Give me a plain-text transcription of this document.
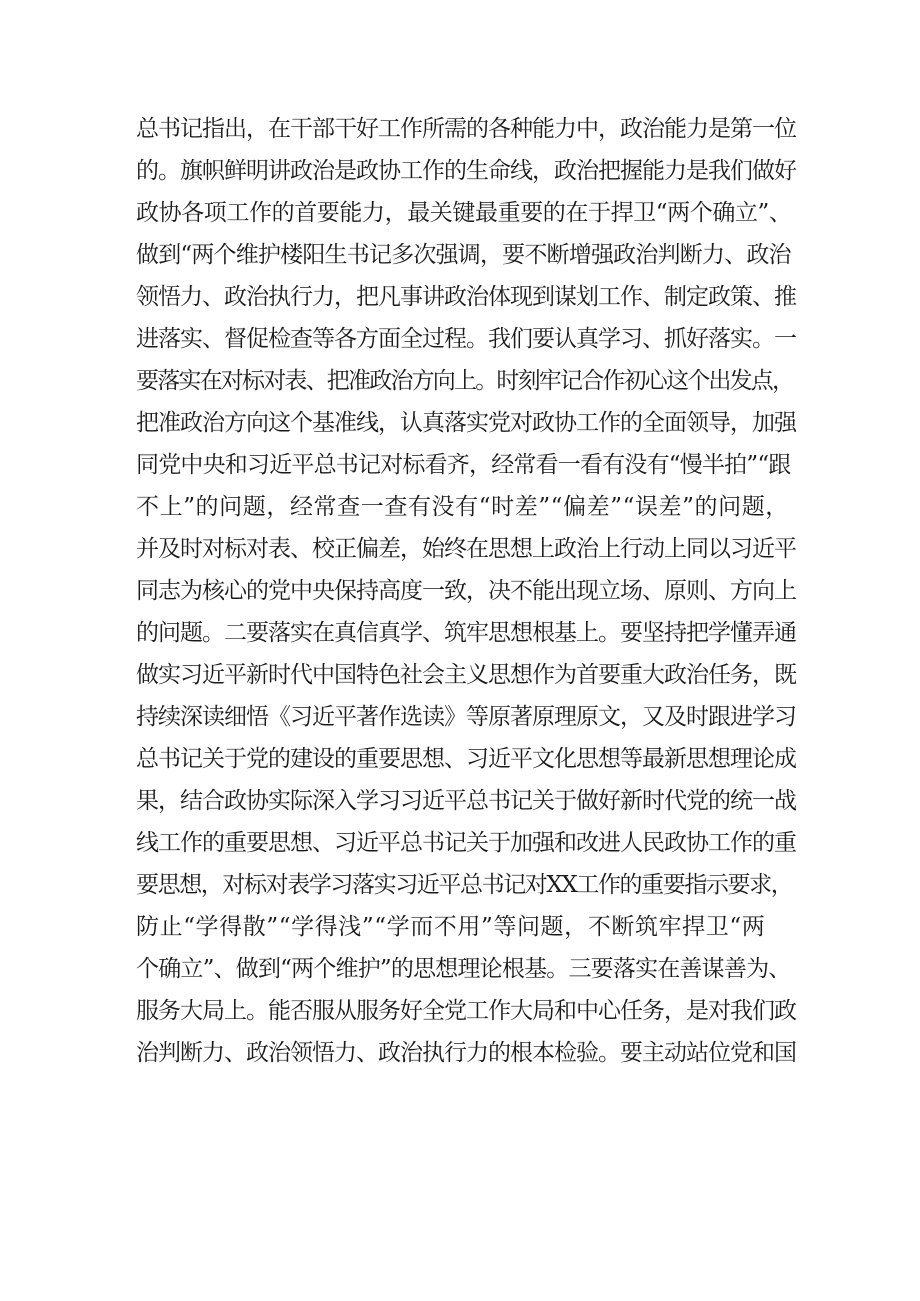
总书记指出，在干部干好工作所需的各种能力中，政治能力是第一位
的。旗帜鲜明讲政治是政协工作的生命线，政治把握能力是我们做好
政协各项工作的首要能力，最关键最重要的在于捍卫“两个确立”、
做到“两个维护楼阳生书记多次强调，要不断增强政治判断力、政治
领悟力、政治执行力，把凡事讲政治体现到谋划工作、制定政策、推
进落实、督促检查等各方面全过程。我们要认真学习、抓好落实。一
要落实在对标对表、把准政治方向上。时刻牢记合作初心这个出发点，
把准政治方向这个基准线，认真落实党对政协工作的全面领导，加强
同党中央和习近平总书记对标看齐，经常看一看有没有“慢半拍”“跟
不上”的问题，经常查一查有没有“时差”“偏差”“误差”的问题，
并及时对标对表、校正偏差，始终在思想上政治上行动上同以习近平
同志为核心的党中央保持高度一致，决不能出现立场、原则、方向上
的问题。二要落实在真信真学、筑牢思想根基上。要坚持把学懂弄通
做实习近平新时代中国特色社会主义思想作为首要重大政治任务，既
持续深读细悟《习近平著作选读》等原著原理原文，又及时跟进学习
总书记关于党的建设的重要思想、习近平文化思想等最新思想理论成
果，结合政协实际深入学习习近平总书记关于做好新时代党的统一战
线工作的重要思想、习近平总书记关于加强和改进人民政协工作的重
要思想，对标对表学习落实习近平总书记对XX工作的重要指示要求，
防止“学得散”“学得浅”“学而不用”等问题，不断筑牢捍卫“两
个确立”、做到“两个维护”的思想理论根基。三要落实在善谋善为、
服务大局上。能否服从服务好全党工作大局和中心任务，是对我们政
治判断力、政治领悟力、政治执行力的根本检验。要主动站位党和国
